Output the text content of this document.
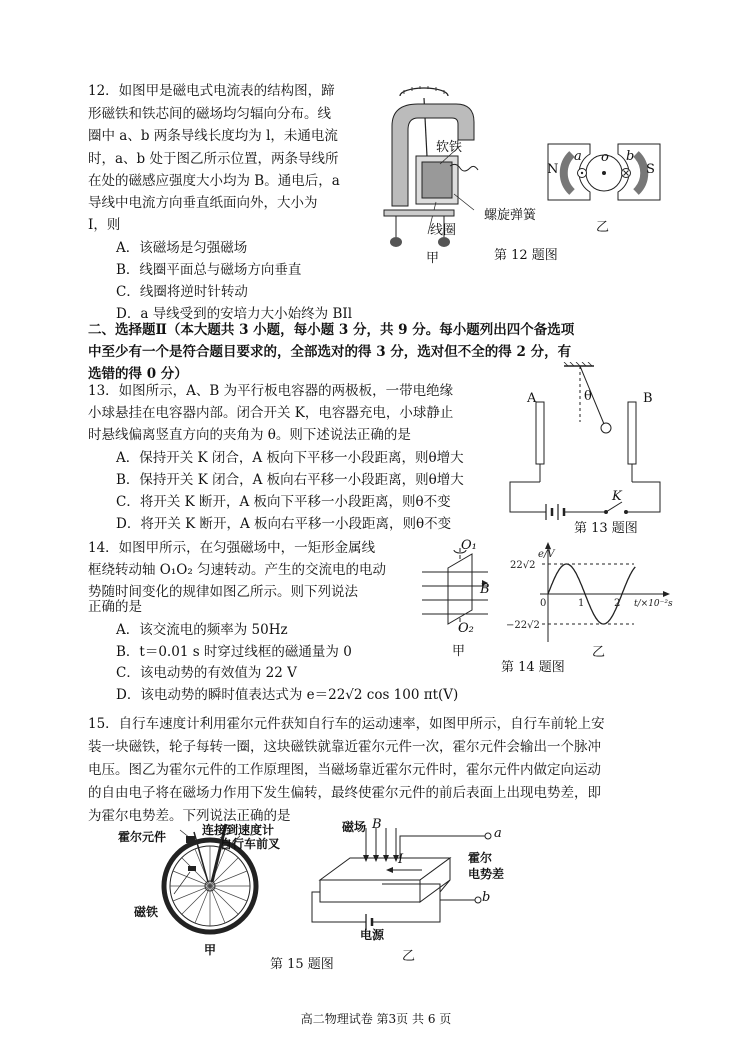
12．如图甲是磁电式电流表的结构图，蹄
形磁铁和铁芯间的磁场均匀辐向分布。线
圈中 a、b 两条导线长度均为 l，未通电流
时，a、b 处于图乙所示位置，两条导线所
在处的磁感应强度大小均为 B。通电后，a
导线中电流方向垂直纸面向外，大小为
I，则
A．该磁场是匀强磁场
B．线圈平面总与磁场方向垂直
C．线圈将逆时针转动
D．a 导线受到的安培力大小始终为 BIl
软铁
螺旋弹簧
线圈
甲
N	S
a	b
o
乙
第 12 题图
二、选择题Ⅱ（本大题共 3 小题，每小题 3 分，共 9 分。每小题列出四个备选项
中至少有一个是符合题目要求的，全部选对的得 3 分，选对但不全的得 2 分，有
选错的得 0 分）
13．如图所示，A、B 为平行板电容器的两极板，一带电绝缘
小球悬挂在电容器内部。闭合开关 K，电容器充电，小球静止
时悬线偏离竖直方向的夹角为 θ。则下述说法正确的是
A．保持开关 K 闭合，A 板向下平移一小段距离，则θ增大
B．保持开关 K 闭合，A 板向右平移一小段距离，则θ增大
C．将开关 K 断开，A 板向下平移一小段距离，则θ不变
D．将开关 K 断开，A 板向右平移一小段距离，则θ不变
A	B
θ
K
第 13 题图
14．如图甲所示，在匀强磁场中，一矩形金属线
框绕转动轴 O₁O₂ 匀速转动。产生的交流电的电动
势随时间变化的规律如图乙所示。则下列说法
正确的是
A．该交流电的频率为 50Hz
B．t＝0.01 s 时穿过线框的磁通量为 0
C．该电动势的有效值为 22 V
D．该电动势的瞬时值表达式为 e＝22√2 cos 100 πt(V)
O₁
O₂
B
甲
e/V
22√2
−22√2
0	1	2 t/×10⁻²s
乙
第 14 题图
15．自行车速度计利用霍尔元件获知自行车的运动速率，如图甲所示，自行车前轮上安
装一块磁铁，轮子每转一圈，这块磁铁就靠近霍尔元件一次，霍尔元件会输出一个脉冲
电压。图乙为霍尔元件的工作原理图，当磁场靠近霍尔元件时，霍尔元件内做定向运动
的自由电子将在磁场力作用下发生偏转，最终使霍尔元件的前后表面上出现电势差，即
为霍尔电势差。下列说法正确的是
霍尔元件	连接到速度计
自行车前叉
磁铁
甲
第 15 题图
磁场 B
I
a
b
霍尔
电势差
电源
乙
高二物理试卷 第3页 共 6 页
